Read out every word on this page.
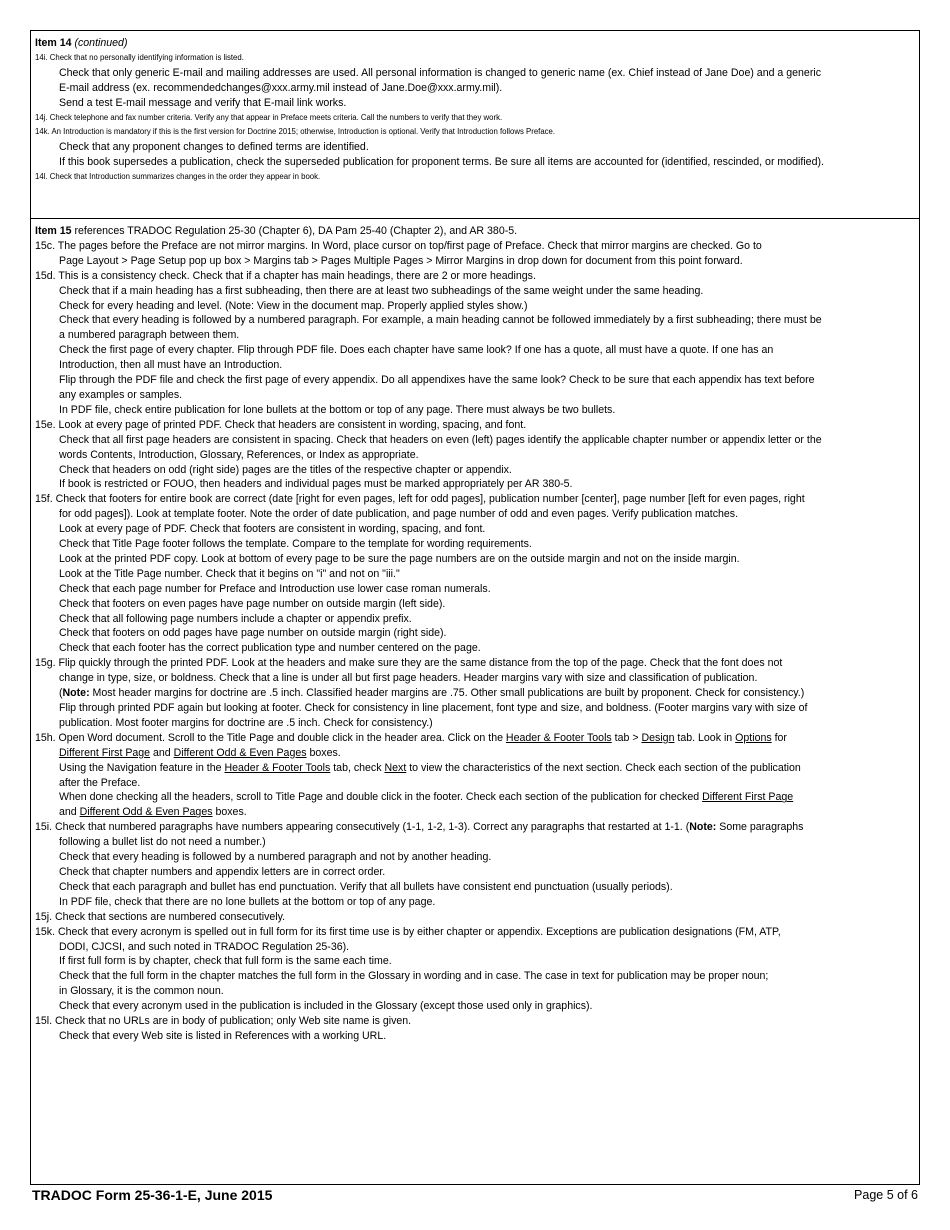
Item 14 (continued)
14i. Check that no personally identifying information is listed.
Check that only generic E-mail and mailing addresses are used. All personal information is changed to generic name (ex. Chief instead of Jane Doe) and a generic
E-mail address (ex. recommendedchanges@xxx.army.mil instead of Jane.Doe@xxx.army.mil).
Send a test E-mail message and verify that E-mail link works.
14j. Check telephone and fax number criteria. Verify any that appear in Preface meets criteria. Call the numbers to verify that they work.
14k. An Introduction is mandatory if this is the first version for Doctrine 2015; otherwise, Introduction is optional. Verify that Introduction follows Preface.
Check that any proponent changes to defined terms are identified.
If this book supersedes a publication, check the superseded publication for proponent terms. Be sure all items are accounted for (identified, rescinded, or modified).
14l. Check that Introduction summarizes changes in the order they appear in book.
Item 15 references TRADOC Regulation 25-30 (Chapter 6), DA Pam 25-40 (Chapter 2), and AR 380-5.
15c. The pages before the Preface are not mirror margins. In Word, place cursor on top/first page of Preface. Check that mirror margins are checked. Go to
Page Layout > Page Setup pop up box > Margins tab > Pages Multiple Pages > Mirror Margins in drop down for document from this point forward.
15d. This is a consistency check. Check that if a chapter has main headings, there are 2 or more headings.
Check that if a main heading has a first subheading, then there are at least two subheadings of the same weight under the same heading.
Check for every heading and level. (Note: View in the document map. Properly applied styles show.)
Check that every heading is followed by a numbered paragraph. For example, a main heading cannot be followed immediately by a first subheading; there must be
a numbered paragraph between them.
Check the first page of every chapter. Flip through PDF file. Does each chapter have same look? If one has a quote, all must have a quote. If one has an
Introduction, then all must have an Introduction.
Flip through the PDF file and check the first page of every appendix. Do all appendixes have the same look? Check to be sure that each appendix has text before
any examples or samples.
In PDF file, check entire publication for lone bullets at the bottom or top of any page. There must always be two bullets.
15e. Look at every page of printed PDF. Check that headers are consistent in wording, spacing, and font.
Check that all first page headers are consistent in spacing. Check that headers on even (left) pages identify the applicable chapter number or appendix letter or the
words Contents, Introduction, Glossary, References, or Index as appropriate.
Check that headers on odd (right side) pages are the titles of the respective chapter or appendix.
If book is restricted or FOUO, then headers and individual pages must be marked appropriately per AR 380-5.
15f. Check that footers for entire book are correct (date [right for even pages, left for odd pages], publication number [center], page number [left for even pages, right
for odd pages]). Look at template footer. Note the order of date publication, and page number of odd and even pages. Verify publication matches.
Look at every page of PDF. Check that footers are consistent in wording, spacing, and font.
Check that Title Page footer follows the template. Compare to the template for wording requirements.
Look at the printed PDF copy. Look at bottom of every page to be sure the page numbers are on the outside margin and not on the inside margin.
Look at the Title Page number. Check that it begins on "i" and not on "iii."
Check that each page number for Preface and Introduction use lower case roman numerals.
Check that footers on even pages have page number on outside margin (left side).
Check that all following page numbers include a chapter or appendix prefix.
Check that footers on odd pages have page number on outside margin (right side).
Check that each footer has the correct publication type and number centered on the page.
15g. Flip quickly through the printed PDF. Look at the headers and make sure they are the same distance from the top of the page. Check that the font does not
change in type, size, or boldness. Check that a line is under all but first page headers. Header margins vary with size and classification of publication.
(Note: Most header margins for doctrine are .5 inch. Classified header margins are .75. Other small publications are built by proponent. Check for consistency.)
Flip through printed PDF again but looking at footer. Check for consistency in line placement, font type and size, and boldness. (Footer margins vary with size of
publication. Most footer margins for doctrine are .5 inch. Check for consistency.)
15h. Open Word document. Scroll to the Title Page and double click in the header area. Click on the Header & Footer Tools tab > Design tab. Look in Options for
Different First Page and Different Odd & Even Pages boxes.
Using the Navigation feature in the Header & Footer Tools tab, check Next to view the characteristics of the next section. Check each section of the publication
after the Preface.
When done checking all the headers, scroll to Title Page and double click in the footer. Check each section of the publication for checked Different First Page
and Different Odd & Even Pages boxes.
15i. Check that numbered paragraphs have numbers appearing consecutively (1-1, 1-2, 1-3). Correct any paragraphs that restarted at 1-1. (Note: Some paragraphs
following a bullet list do not need a number.)
Check that every heading is followed by a numbered paragraph and not by another heading.
Check that chapter numbers and appendix letters are in correct order.
Check that each paragraph and bullet has end punctuation. Verify that all bullets have consistent end punctuation (usually periods).
In PDF file, check that there are no lone bullets at the bottom or top of any page.
15j. Check that sections are numbered consecutively.
15k. Check that every acronym is spelled out in full form for its first time use is by either chapter or appendix. Exceptions are publication designations (FM, ATP,
DODI, CJCSI, and such noted in TRADOC Regulation 25-36).
If first full form is by chapter, check that full form is the same each time.
Check that the full form in the chapter matches the full form in the Glossary in wording and in case. The case in text for publication may be proper noun;
in Glossary, it is the common noun.
Check that every acronym used in the publication is included in the Glossary (except those used only in graphics).
15l. Check that no URLs are in body of publication; only Web site name is given.
Check that every Web site is listed in References with a working URL.
TRADOC Form 25-36-1-E, June 2015	Page 5 of 6
